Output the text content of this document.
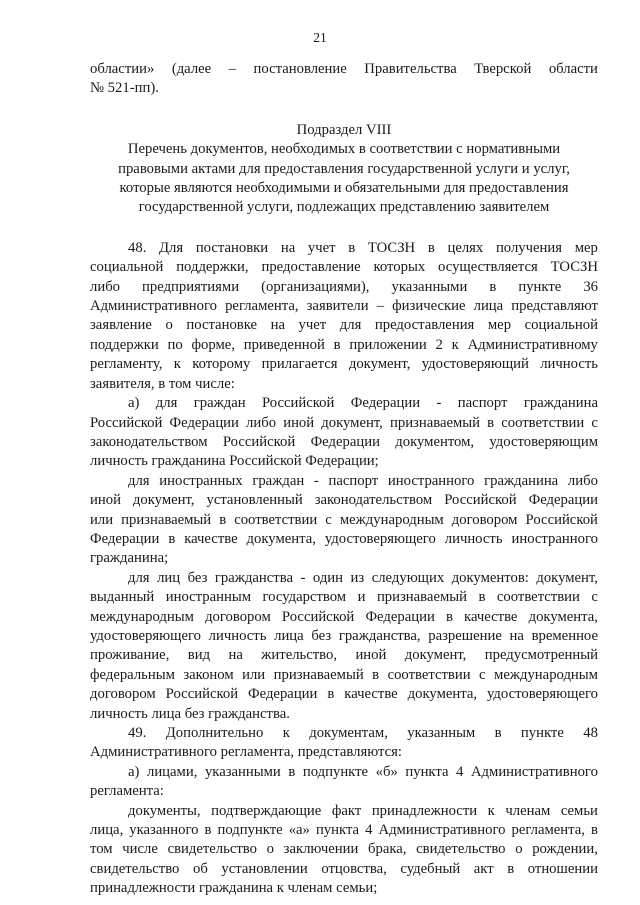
21
областии» (далее – постановление Правительства Тверской области
№ 521-пп).
Подраздел VIII
Перечень документов, необходимых в соответствии с нормативными
правовыми актами для предоставления государственной услуги и услуг,
которые являются необходимыми и обязательными для предоставления
государственной услуги, подлежащих представлению заявителем
48. Для постановки на учет в ТОСЗН в целях получения мер
социальной поддержки, предоставление которых осуществляется ТОСЗН
либо предприятиями (организациями), указанными в пункте 36
Административного регламента, заявители – физические лица представляют
заявление о постановке на учет для предоставления мер социальной
поддержки по форме, приведенной в приложении 2 к Административному
регламенту, к которому прилагается документ, удостоверяющий личность
заявителя, в том числе:
а) для граждан Российской Федерации - паспорт гражданина
Российской Федерации либо иной документ, признаваемый в соответствии с
законодательством Российской Федерации документом, удостоверяющим
личность гражданина Российской Федерации;
для иностранных граждан - паспорт иностранного гражданина либо
иной документ, установленный законодательством Российской Федерации
или признаваемый в соответствии с международным договором Российской
Федерации в качестве документа, удостоверяющего личность иностранного
гражданина;
для лиц без гражданства - один из следующих документов: документ,
выданный иностранным государством и признаваемый в соответствии с
международным договором Российской Федерации в качестве документа,
удостоверяющего личность лица без гражданства, разрешение на временное
проживание, вид на жительство, иной документ, предусмотренный
федеральным законом или признаваемый в соответствии с международным
договором Российской Федерации в качестве документа, удостоверяющего
личность лица без гражданства.
49. Дополнительно к документам, указанным в пункте 48
Административного регламента, представляются:
а) лицами, указанными в подпункте «б» пункта 4 Административного
регламента:
документы, подтверждающие факт принадлежности к членам семьи
лица, указанного в подпункте «а» пункта 4 Административного регламента, в
том числе свидетельство о заключении брака, свидетельство о рождении,
свидетельство об установлении отцовства, судебный акт в отношении
принадлежности гражданина к членам семьи;
